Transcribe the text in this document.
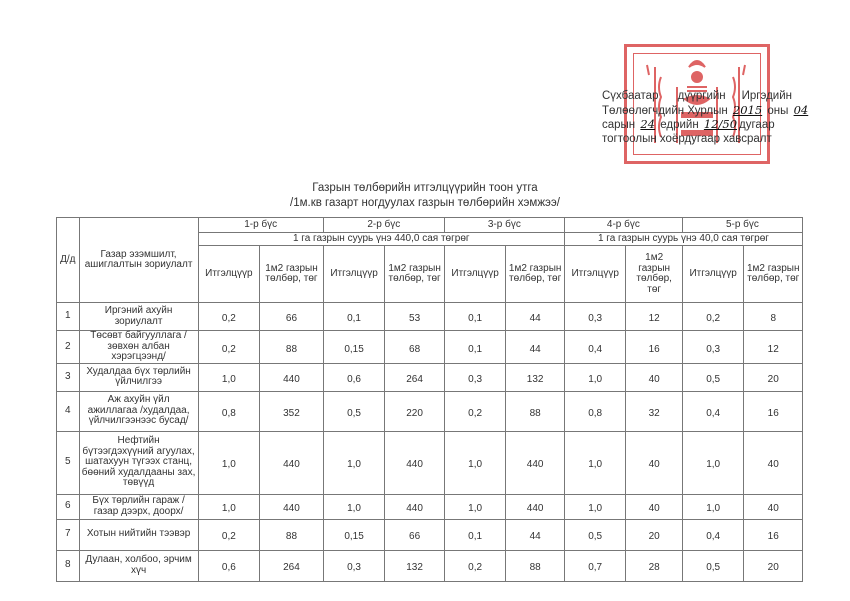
Сүхбаатар дүүргийн Иргэдийн
Төлөөлөгчдийн Хурлын 2015 оны 04
сарын 24 едрийн 12/50 дугаар
тогтоолын хоёрдугаар хавсралт
Газрын төлбөрийн итгэлцүүрийн тоон утга
/1м.кв газарт ногдуулах газрын төлбөрийн хэмжээ/
Д/д	Газар эзэмшилт, ашиглалтын зориулалт	1-р бүс		2-р бүс		3-р бүс		4-р бүс		5-р бүс	
		1 га газрын суурь үнэ 440,0 сая төгрөг						1 га газрын суурь үнэ 40,0 сая төгрөг			
		Итгэлцүүр	1м2 газрын төлбөр, төг	Итгэлцүүр	1м2 газрын төлбөр, төг	Итгэлцүүр	1м2 газрын төлбөр, төг	Итгэлцүүр	1м2 газрын төлбөр, төг	Итгэлцүүр	1м2 газрын төлбөр, төг
1	Иргэний ахуйн зориулалт	0,2	66	0,1	53	0,1	44	0,3	12	0,2	8
2	Төсөвт байгууллага /зөвхөн албан хэрэгцээнд/	0,2	88	0,15	68	0,1	44	0,4	16	0,3	12
3	Худалдаа бүх төрлийн үйлчилгээ	1,0	440	0,6	264	0,3	132	1,0	40	0,5	20
4	Аж ахуйн үйл ажиллагаа /худалдаа, үйлчилгээнээс бусад/	0,8	352	0,5	220	0,2	88	0,8	32	0,4	16
5	Нефтийн бүтээгдэхүүний агуулах, шатахуун түгээх станц, бөөний худалдааны зах, төвүүд	1,0	440	1,0	440	1,0	440	1,0	40	1,0	40
6	Бүх төрлийн гараж /газар дээрх, доорх/	1,0	440	1,0	440	1,0	440	1,0	40	1,0	40
7	Хотын нийтийн тээвэр	0,2	88	0,15	66	0,1	44	0,5	20	0,4	16
8	Дулаан, холбоо, эрчим хүч	0,6	264	0,3	132	0,2	88	0,7	28	0,5	20
